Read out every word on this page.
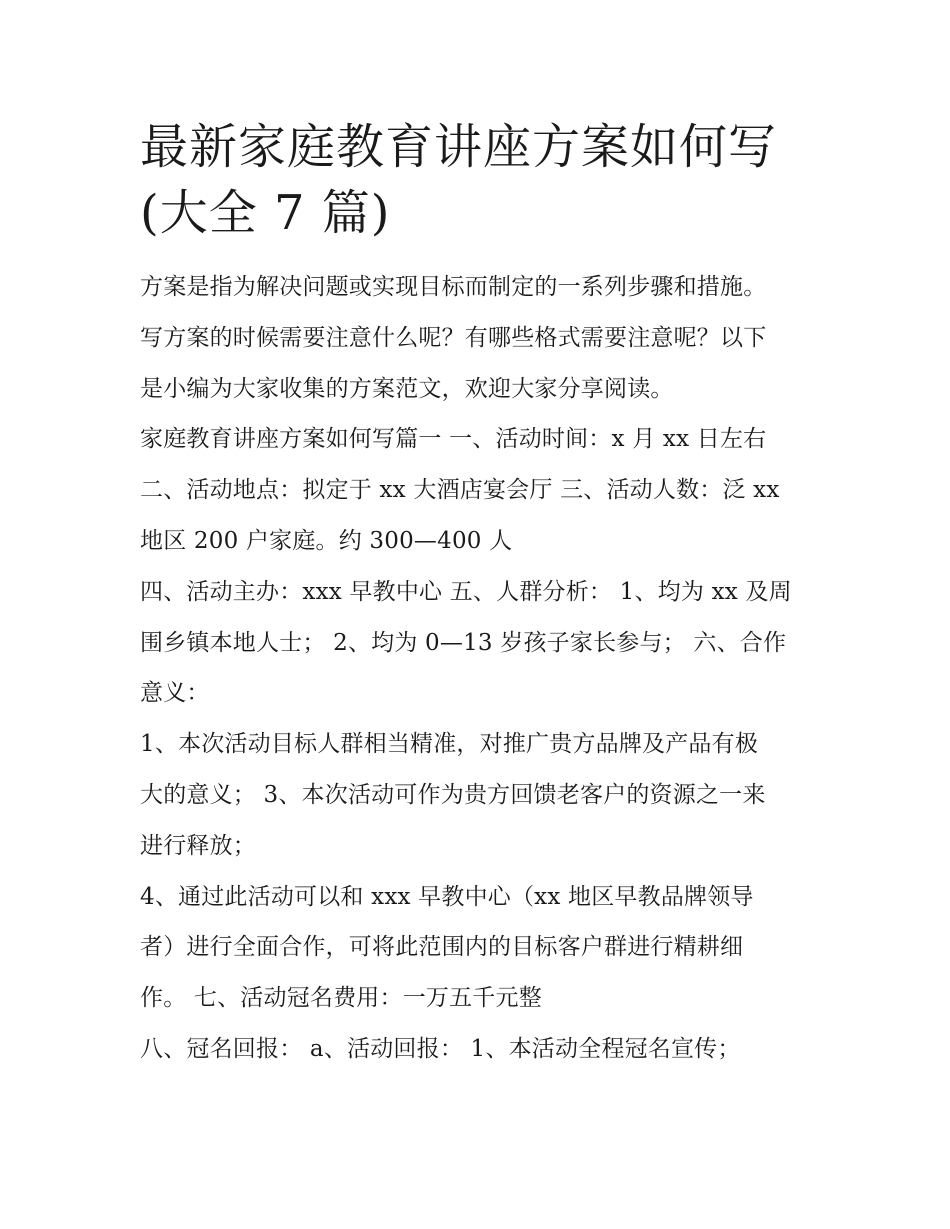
最新家庭教育讲座方案如何写
(大全 7 篇)
方案是指为解决问题或实现目标而制定的一系列步骤和措施。
写方案的时候需要注意什么呢？有哪些格式需要注意呢？以下
是小编为大家收集的方案范文，欢迎大家分享阅读。
家庭教育讲座方案如何写篇一 一、活动时间：x 月 xx 日左右
二、活动地点：拟定于 xx 大酒店宴会厅 三、活动人数：泛 xx
地区 200 户家庭。约 300—400 人
四、活动主办：xxx 早教中心 五、人群分析： 1、均为 xx 及周
围乡镇本地人士； 2、均为 0—13 岁孩子家长参与； 六、合作
意义：
1、本次活动目标人群相当精准，对推广贵方品牌及产品有极
大的意义； 3、本次活动可作为贵方回馈老客户的资源之一来
进行释放；
4、通过此活动可以和 xxx 早教中心（xx 地区早教品牌领导
者）进行全面合作，可将此范围内的目标客户群进行精耕细
作。 七、活动冠名费用：一万五千元整
八、冠名回报： a、活动回报： 1、本活动全程冠名宣传；
